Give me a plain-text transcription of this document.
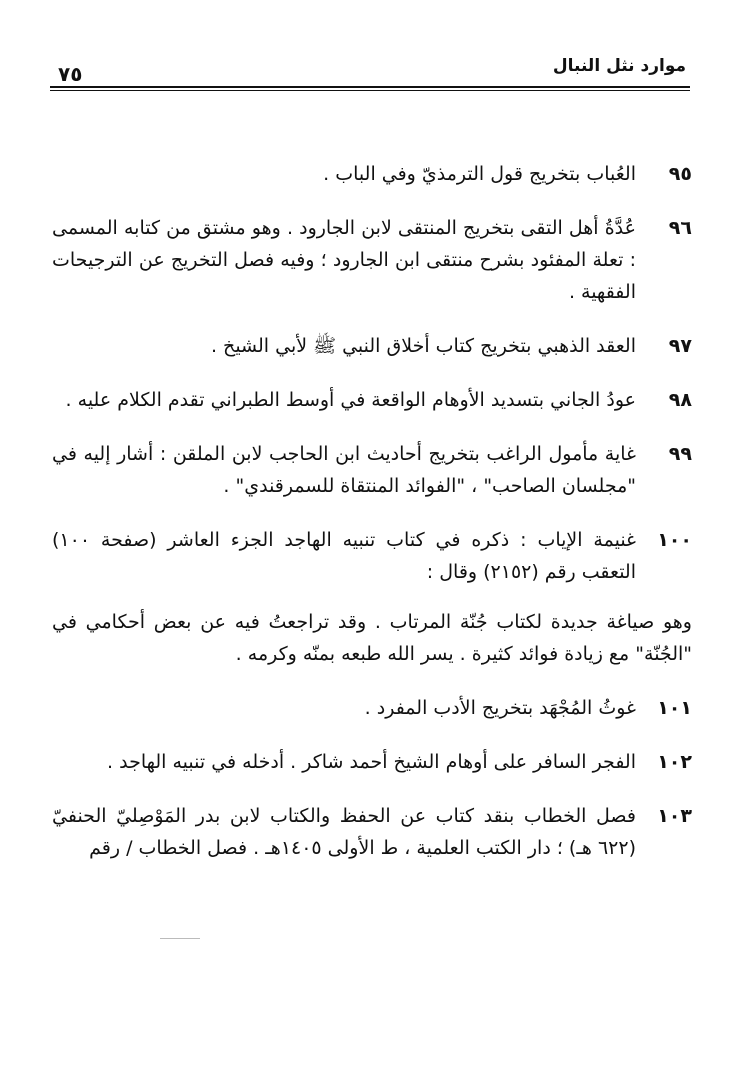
٧٥	موارد نثل النبال
٩٥
العُباب بتخريج قول الترمذيّ وفي الباب .
٩٦
عُدَّةُ أهل التقى بتخريج المنتقى لابن الجارود . وهو مشتق من كتابه المسمى : تعلة المفئود بشرح منتقى ابن الجارود ؛ وفيه فصل التخريج عن الترجيحات الفقهية .
٩٧
العقد الذهبي بتخريج كتاب أخلاق النبي ﷺ لأبي الشيخ .
٩٨
عودُ الجاني بتسديد الأوهام الواقعة في أوسط الطبراني تقدم الكلام عليه .
٩٩
غاية مأمول الراغب بتخريج أحاديث ابن الحاجب لابن الملقن : أشار إليه في "مجلسان الصاحب" ، "الفوائد المنتقاة للسمرقندي" .
١٠٠
غنيمة الإياب : ذكره في كتاب تنبيه الهاجد الجزء العاشر (صفحة ١٠٠) التعقب رقم (٢١٥٢) وقال :
وهو صياغة جديدة لكتاب جُنّة المرتاب . وقد تراجعتُ فيه عن بعض أحكامي في "الجُنّة" مع زيادة فوائد كثيرة . يسر الله طبعه بمنّه وكرمه .
١٠١
غوثُ المُجْهَد بتخريج الأدب المفرد .
١٠٢
الفجر السافر على أوهام الشيخ أحمد شاكر . أدخله في تنبيه الهاجد .
١٠٣
فصل الخطاب بنقد كتاب عن الحفظ والكتاب لابن بدر المَوْصِليّ الحنفيّ (٦٢٢ هـ) ؛ دار الكتب العلمية ، ط الأولى ١٤٠٥هـ . فصل الخطاب / رقم
